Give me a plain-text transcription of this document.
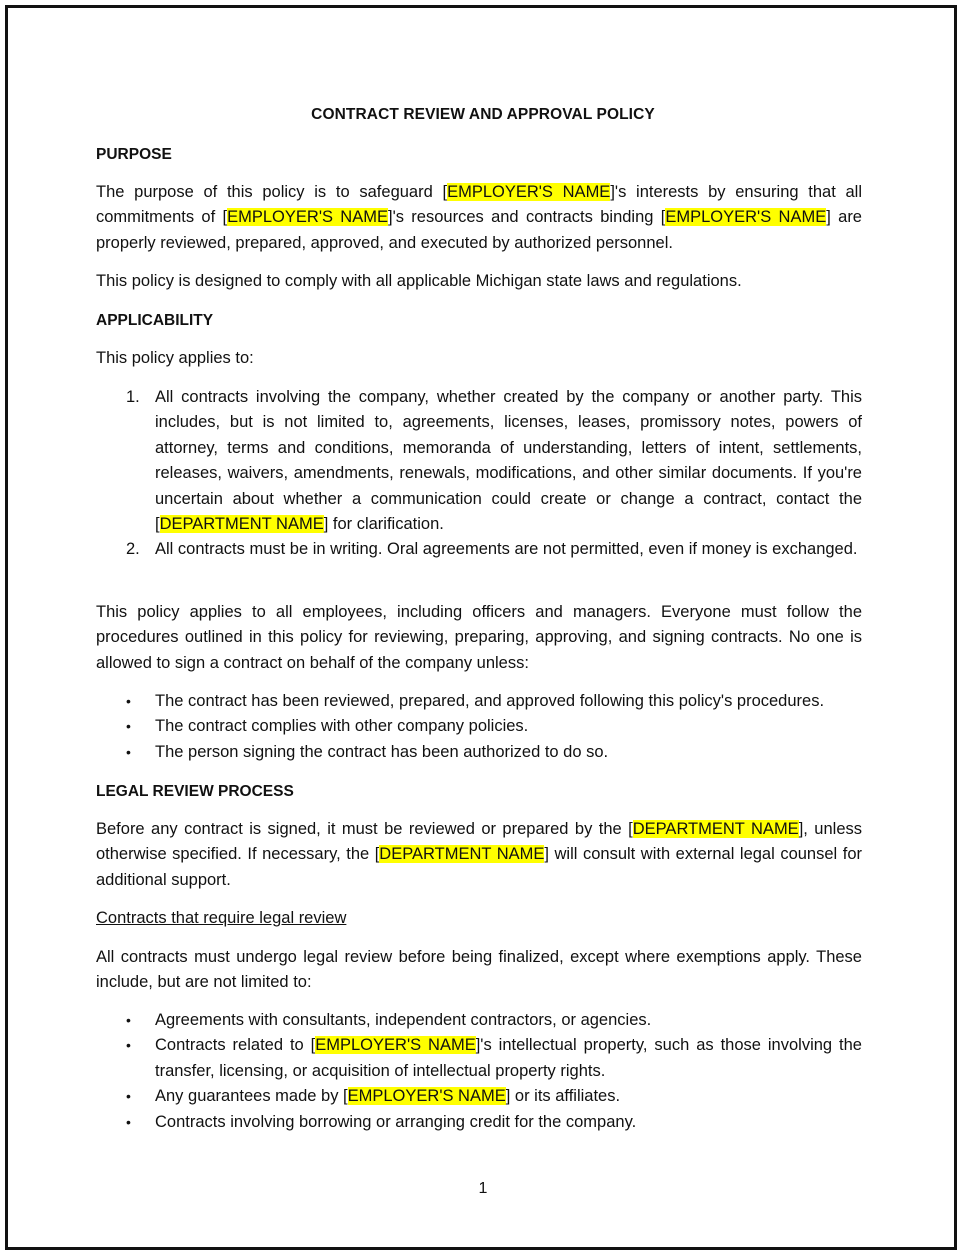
CONTRACT REVIEW AND APPROVAL POLICY
PURPOSE
The purpose of this policy is to safeguard [EMPLOYER'S NAME]'s interests by ensuring that all commitments of [EMPLOYER'S NAME]'s resources and contracts binding [EMPLOYER'S NAME] are properly reviewed, prepared, approved, and executed by authorized personnel.
This policy is designed to comply with all applicable Michigan state laws and regulations.
APPLICABILITY
This policy applies to:
1. All contracts involving the company, whether created by the company or another party. This includes, but is not limited to, agreements, licenses, leases, promissory notes, powers of attorney, terms and conditions, memoranda of understanding, letters of intent, settlements, releases, waivers, amendments, renewals, modifications, and other similar documents. If you're uncertain about whether a communication could create or change a contract, contact the [DEPARTMENT NAME] for clarification.
2. All contracts must be in writing. Oral agreements are not permitted, even if money is exchanged.
This policy applies to all employees, including officers and managers. Everyone must follow the procedures outlined in this policy for reviewing, preparing, approving, and signing contracts. No one is allowed to sign a contract on behalf of the company unless:
• The contract has been reviewed, prepared, and approved following this policy's procedures.
• The contract complies with other company policies.
• The person signing the contract has been authorized to do so.
LEGAL REVIEW PROCESS
Before any contract is signed, it must be reviewed or prepared by the [DEPARTMENT NAME], unless otherwise specified. If necessary, the [DEPARTMENT NAME] will consult with external legal counsel for additional support.
Contracts that require legal review
All contracts must undergo legal review before being finalized, except where exemptions apply. These include, but are not limited to:
• Agreements with consultants, independent contractors, or agencies.
• Contracts related to [EMPLOYER'S NAME]'s intellectual property, such as those involving the transfer, licensing, or acquisition of intellectual property rights.
• Any guarantees made by [EMPLOYER'S NAME] or its affiliates.
• Contracts involving borrowing or arranging credit for the company.
1
